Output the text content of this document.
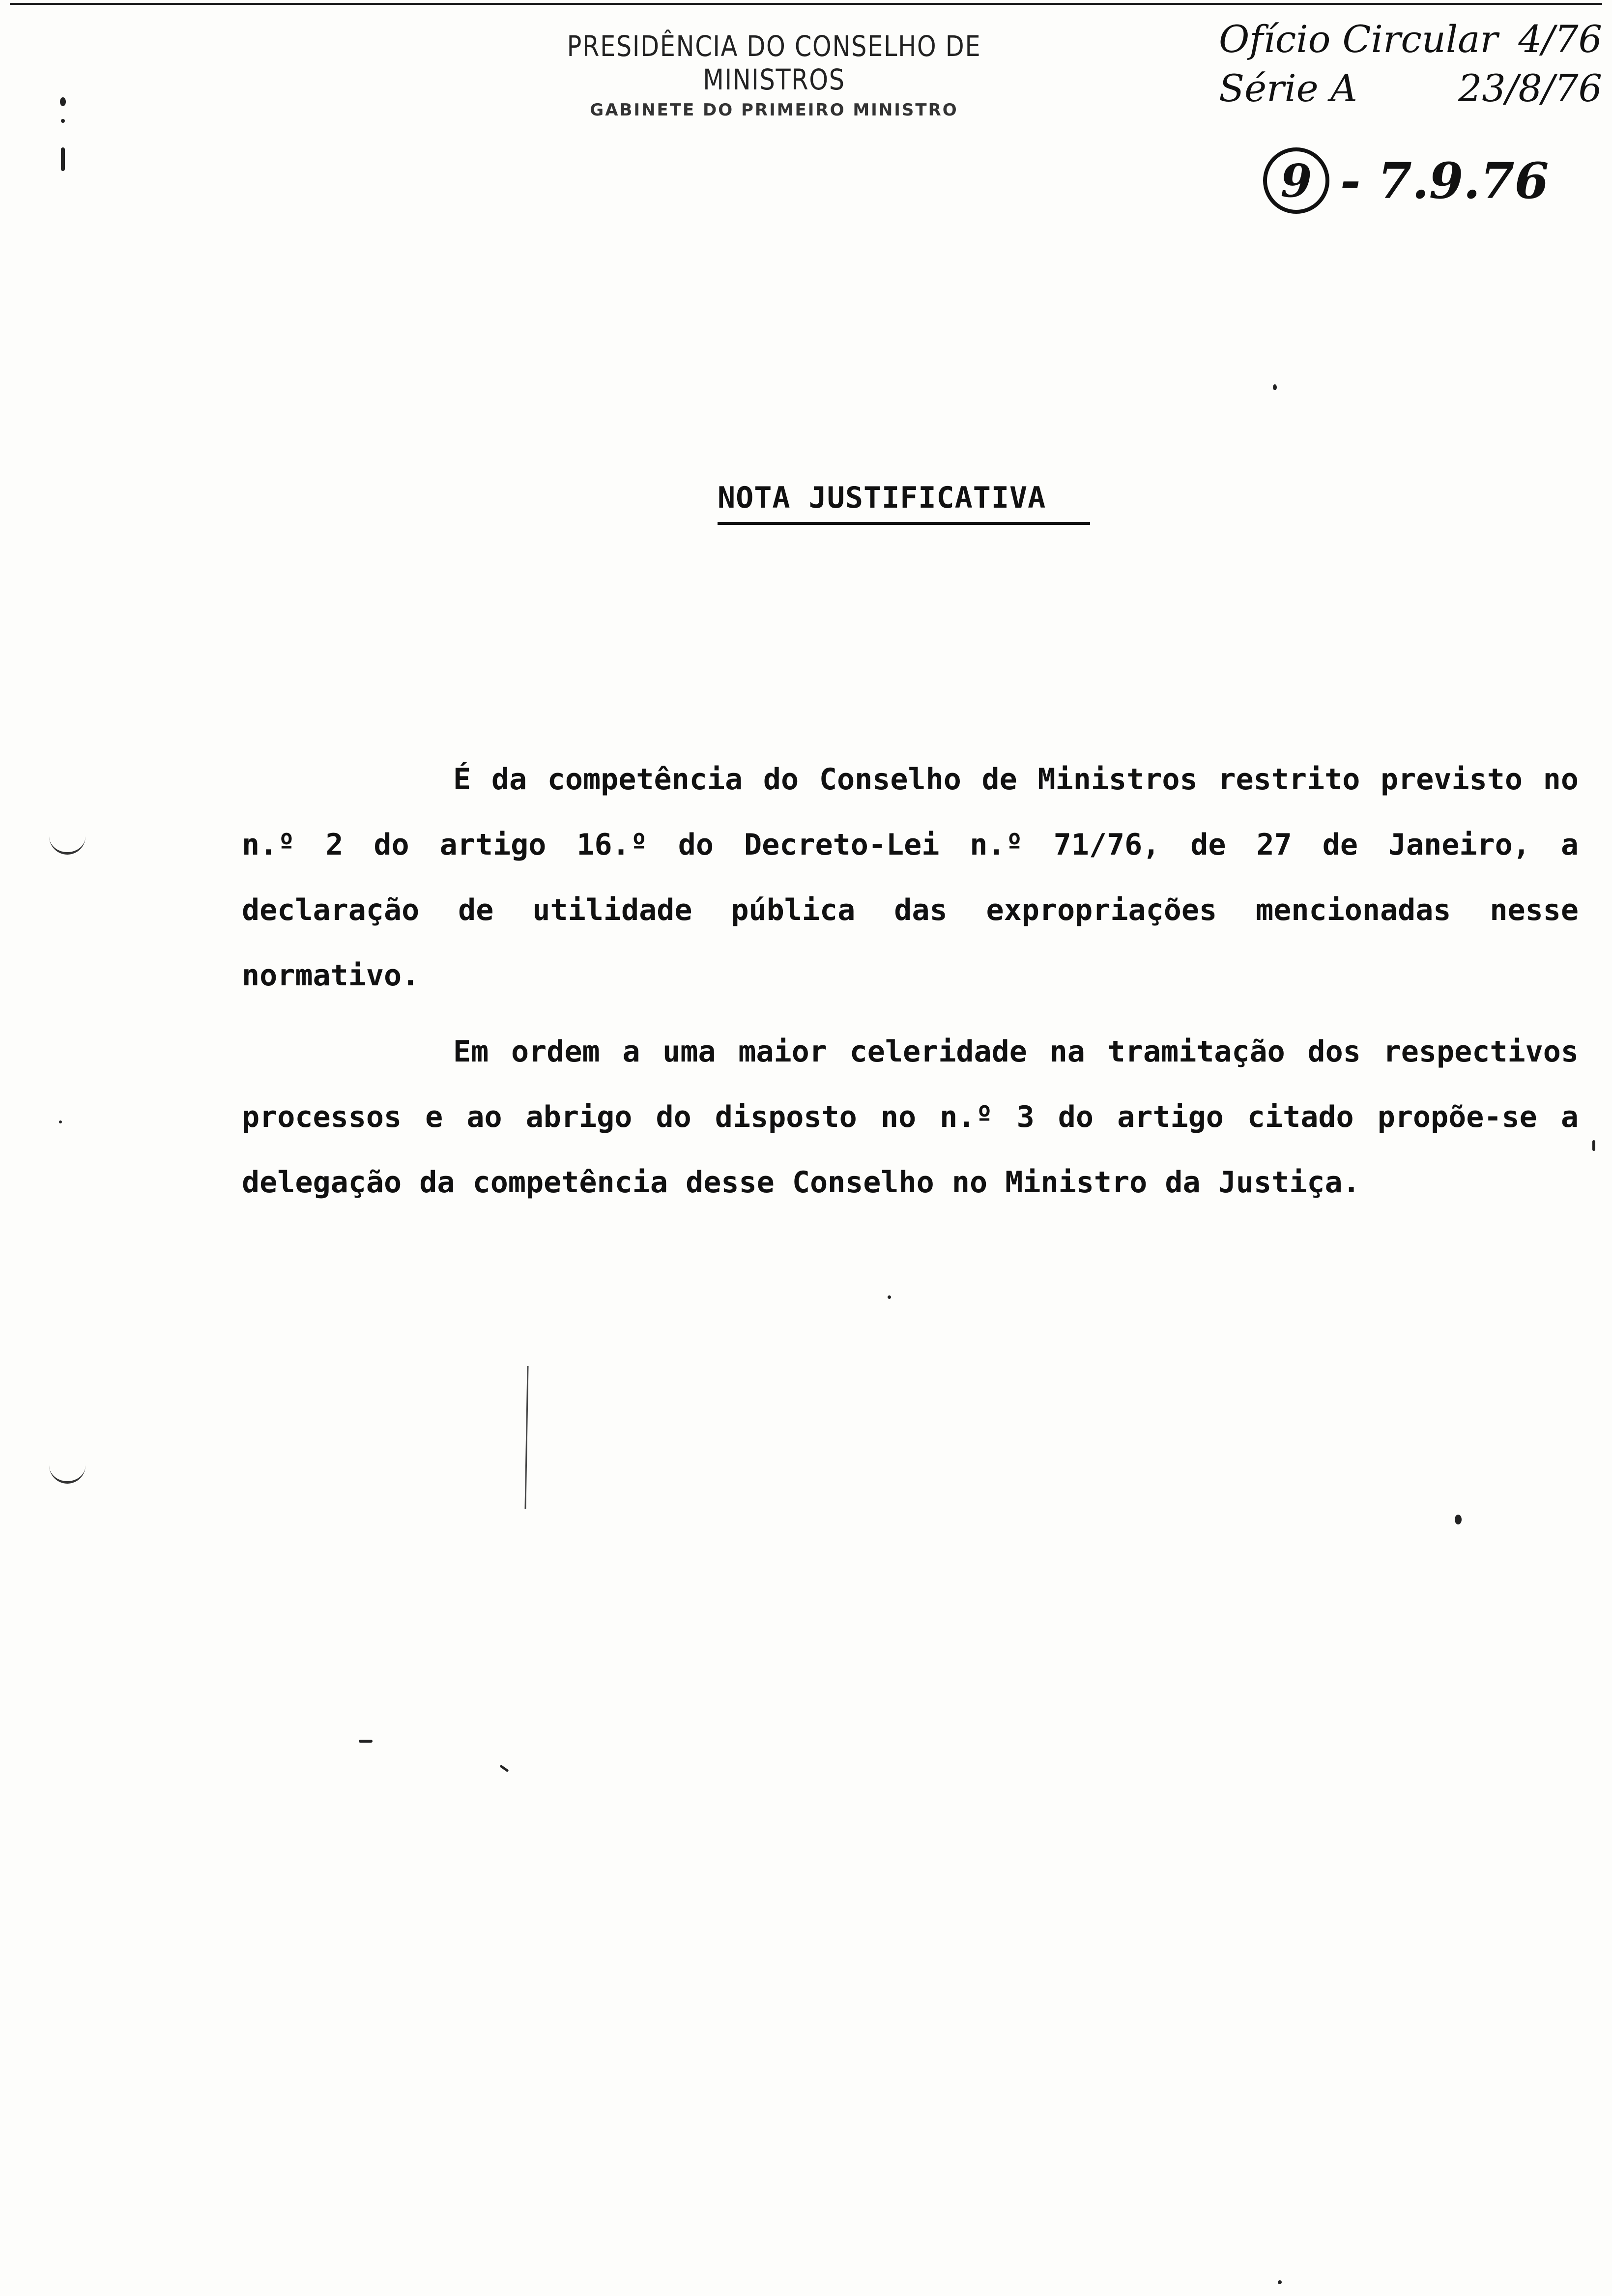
PRESIDÊNCIA DO CONSELHO DE MINISTROS
GABINETE DO PRIMEIRO MINISTRO
Ofício Circular 4/76
Série A	23/8/76
9 - 7.9.76
NOTA JUSTIFICATIVA

É da competência do Conselho de Ministros restrito previsto no n.º 2 do artigo 16.º do Decreto-Lei n.º 71/76, de 27 de Janeiro, a declaração de utilidade pública das expropriações mencionadas nesse normativo.

Em ordem a uma maior celeridade na tramitação dos respectivos processos e ao abrigo do disposto no n.º 3 do artigo citado propõe-se a delegação da competência desse Conselho no Ministro da Justiça.
